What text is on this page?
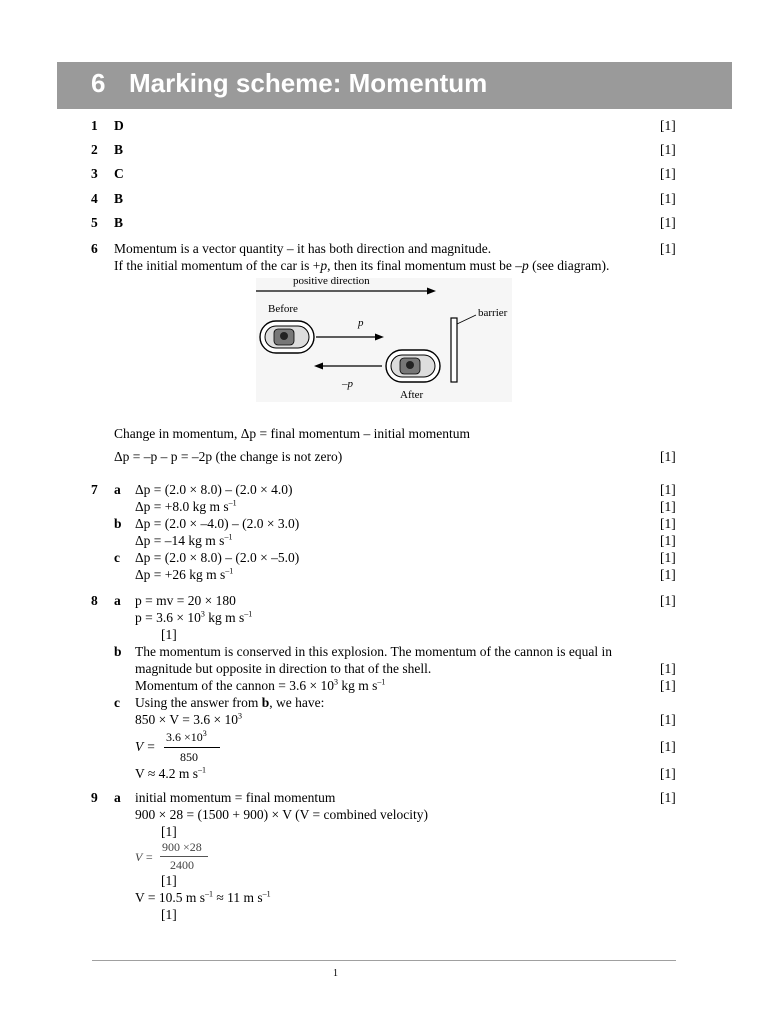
6 Marking scheme: Momentum
1 D	[1]
2 B	[1]
3 C	[1]
4 B	[1]
5 B	[1]
6 Momentum is a vector quantity – it has both direction and magnitude.	[1]
If the initial momentum of the car is +p, then its final momentum must be –p (see diagram).
positive direction
Before
p
barrier
–p
After
Change in momentum, Δp = final momentum – initial momentum
Δp = –p – p = –2p (the change is not zero)	[1]
7 a Δp = (2.0 × 8.0) – (2.0 × 4.0)	[1]
Δp = +8.0 kg m $s^{-1}$	[1]
b Δp = (2.0 × –4.0) – (2.0 × 3.0)	[1]
Δp = –14 kg m $s^{-1}$	[1]
c Δp = (2.0 × 8.0) – (2.0 × –5.0)	[1]
Δp = +26 kg m $s^{-1}$	[1]
8 a p = mv = 20 × 180	[1]
$p = 3.6 \times 10^3$ kg m $s^{-1}$
[1]
b The momentum is conserved in this explosion. The momentum of the cannon is equal in
magnitude but opposite in direction to that of the shell.	[1]
Momentum of the cannon = $3.6 \times 10^3$ kg m $s^{-1}$	[1]
c Using the answer from b, we have:
$850 \times V = 3.6 \times 10^3$	[1]
V =
$3.6 \times 10^3$
850
[1]
V ≈ 4.2 m $s^{-1}$	[1]
9 a initial momentum = final momentum	[1]
900 × 28 = (1500 + 900) × V (V = combined velocity)
[1]
V =
900 ×28
2400
[1]
V = 10.5 m $s^{-1} \approx 11$ m $s^{-1}$
[1]
1
